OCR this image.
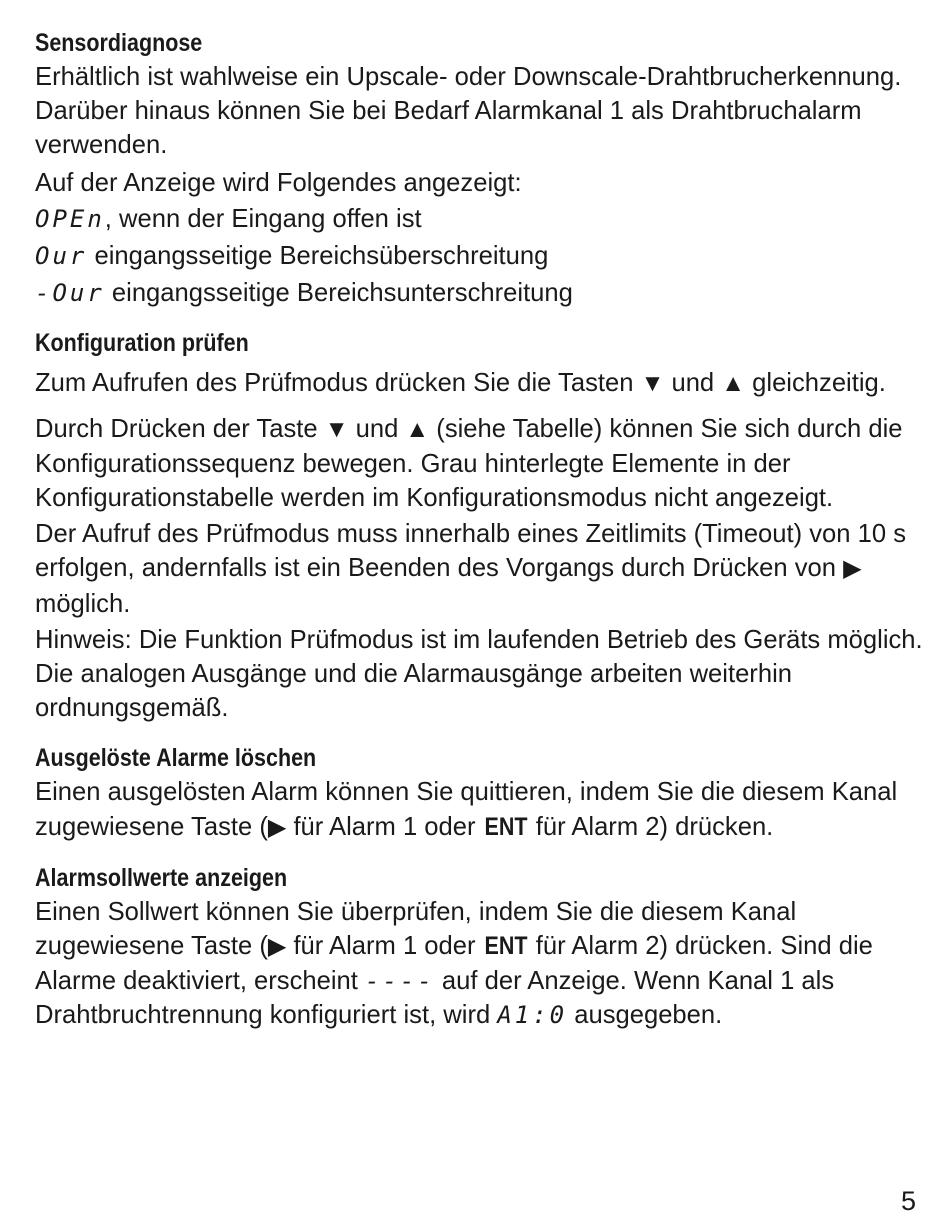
Sensordiagnose

Erhältlich ist wahlweise ein Upscale- oder Downscale-Drahtbrucherkennung. Darüber hinaus können Sie bei Bedarf Alarmkanal 1 als Drahtbruchalarm verwenden.

Auf der Anzeige wird Folgendes angezeigt:

OPEn, wenn der Eingang offen ist

Our eingangsseitige Bereichsüberschreitung

-Our eingangsseitige Bereichsunterschreitung

Konfiguration prüfen

Zum Aufrufen des Prüfmodus drücken Sie die Tasten ▼ und ▲ gleichzeitig.

Durch Drücken der Taste ▼ und ▲ (siehe Tabelle) können Sie sich durch die Konfigurationssequenz bewegen. Grau hinterlegte Elemente in der Konfigurationstabelle werden im Konfigurationsmodus nicht angezeigt.

Der Aufruf des Prüfmodus muss innerhalb eines Zeitlimits (Timeout) von 10 s erfolgen, andernfalls ist ein Beenden des Vorgangs durch Drücken von ▶ möglich.

Hinweis: Die Funktion Prüfmodus ist im laufenden Betrieb des Geräts möglich. Die analogen Ausgänge und die Alarmausgänge arbeiten weiterhin ordnungsgemäß.

Ausgelöste Alarme löschen

Einen ausgelösten Alarm können Sie quittieren, indem Sie die diesem Kanal zugewiesene Taste (▶ für Alarm 1 oder ENT für Alarm 2) drücken.

Alarmsollwerte anzeigen

Einen Sollwert können Sie überprüfen, indem Sie die diesem Kanal zugewiesene Taste (▶ für Alarm 1 oder ENT für Alarm 2) drücken. Sind die Alarme deaktiviert, erscheint ---- auf der Anzeige. Wenn Kanal 1 als Drahtbruchtrennung konfiguriert ist, wird A1:0 ausgegeben.

5
